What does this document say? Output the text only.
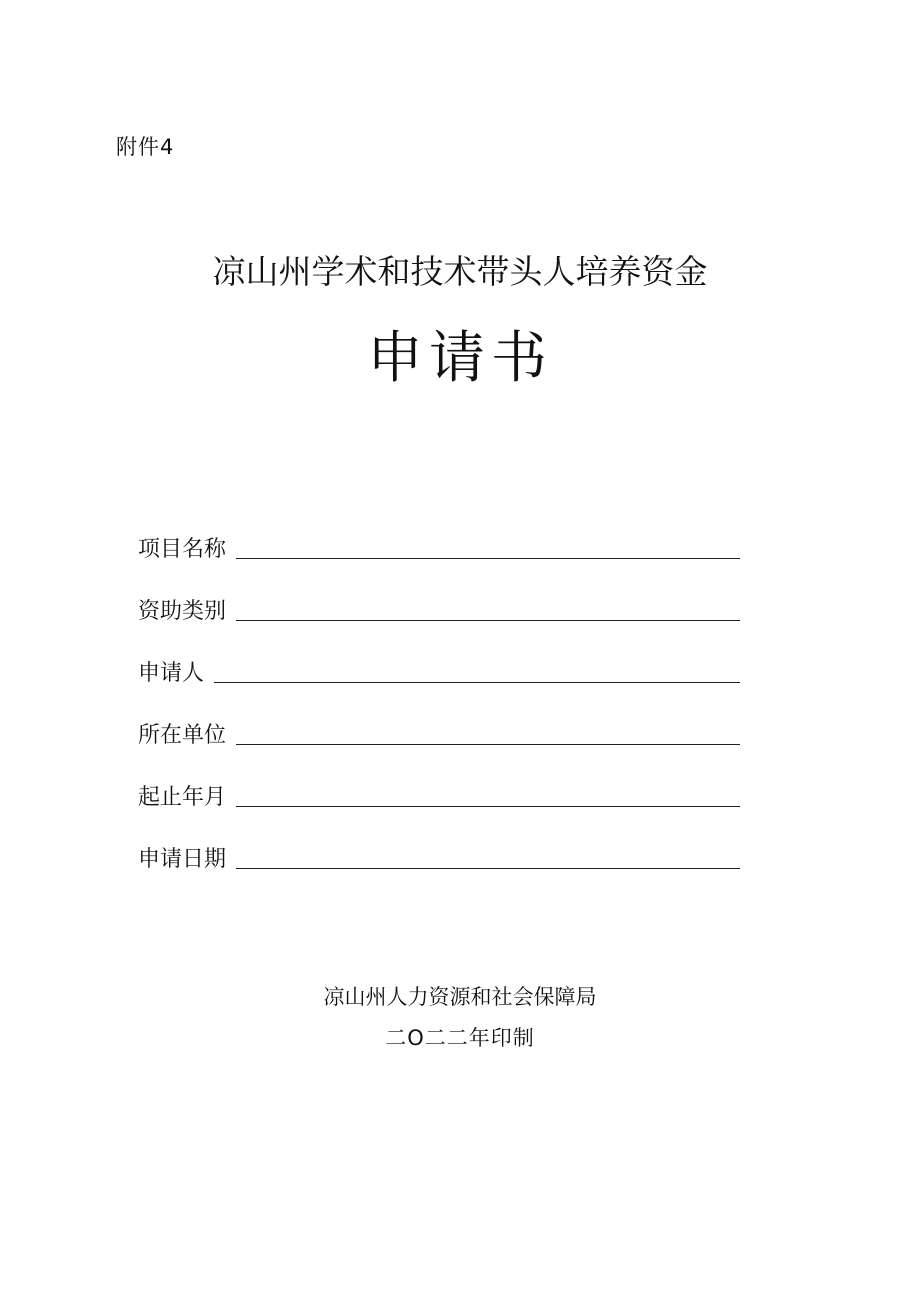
附件4
凉山州学术和技术带头人培养资金
申请书
项目名称
资助类别
申请人
所在单位
起止年月
申请日期
凉山州人力资源和社会保障局
二O二二年印制
